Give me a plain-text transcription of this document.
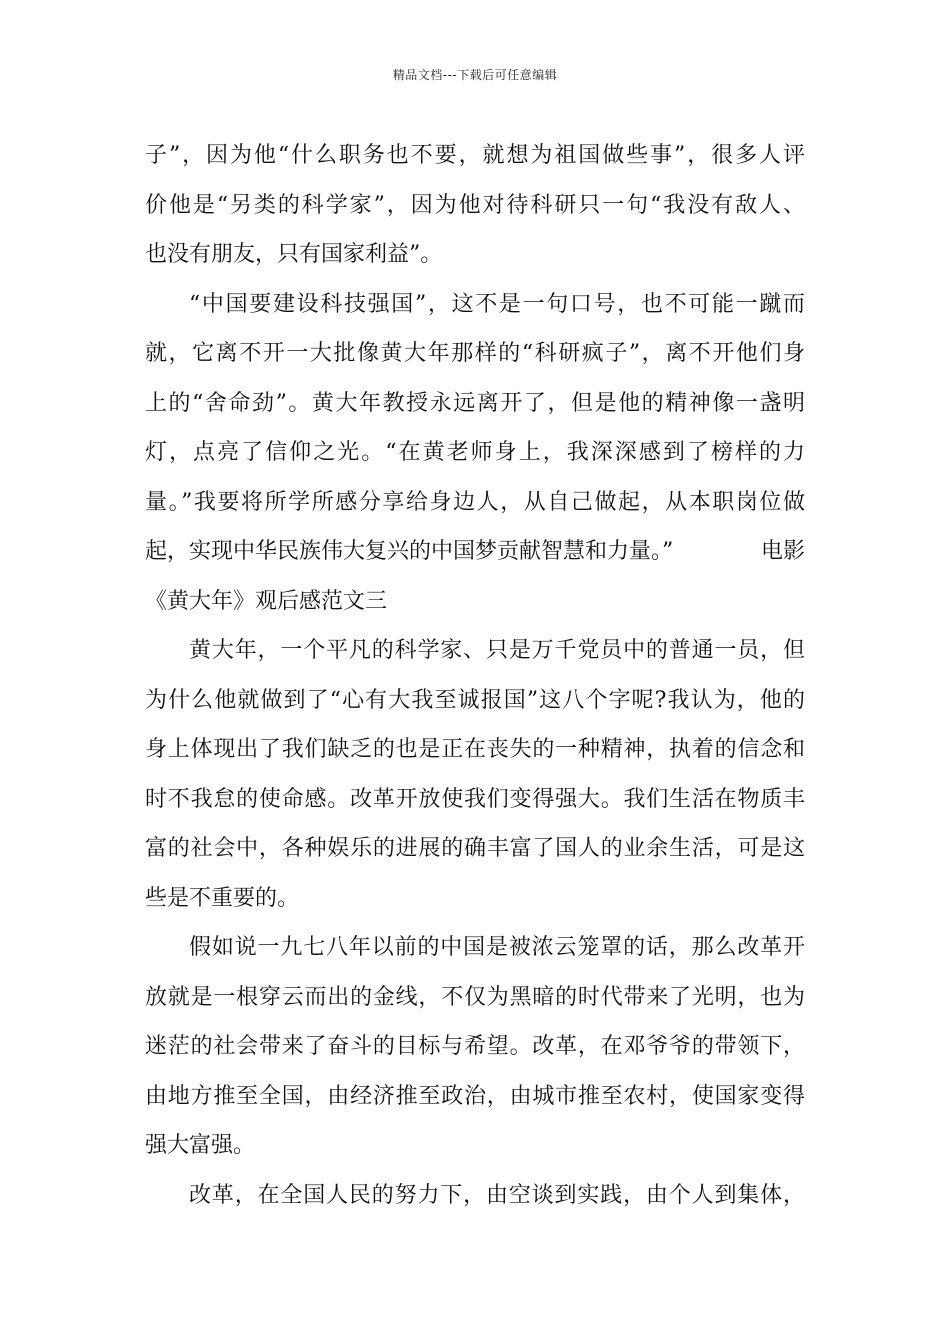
精品文档---下载后可任意编辑
子”，因为他“什么职务也不要，就想为祖国做些事”，很多人评
价他是“另类的科学家”，因为他对待科研只一句“我没有敌人、
也没有朋友，只有国家利益”。
“中国要建设科技强国”，这不是一句口号，也不可能一蹴而
就，它离不开一大批像黄大年那样的“科研疯子”，离不开他们身
上的“舍命劲”。黄大年教授永远离开了，但是他的精神像一盏明
灯，点亮了信仰之光。“在黄老师身上，我深深感到了榜样的力
量。”我要将所学所感分享给身边人，从自己做起，从本职岗位做
起，实现中华民族伟大复兴的中国梦贡献智慧和力量。”	电影
《黄大年》观后感范文三
黄大年，一个平凡的科学家、只是万千党员中的普通一员，但
为什么他就做到了“心有大我至诚报国”这八个字呢?我认为，他的
身上体现出了我们缺乏的也是正在丧失的一种精神，执着的信念和
时不我怠的使命感。改革开放使我们变得强大。我们生活在物质丰
富的社会中，各种娱乐的进展的确丰富了国人的业余生活，可是这
些是不重要的。
假如说一九七八年以前的中国是被浓云笼罩的话，那么改革开
放就是一根穿云而出的金线，不仅为黑暗的时代带来了光明，也为
迷茫的社会带来了奋斗的目标与希望。改革，在邓爷爷的带领下，
由地方推至全国，由经济推至政治，由城市推至农村，使国家变得
强大富强。
改革，在全国人民的努力下，由空谈到实践，由个人到集体，
